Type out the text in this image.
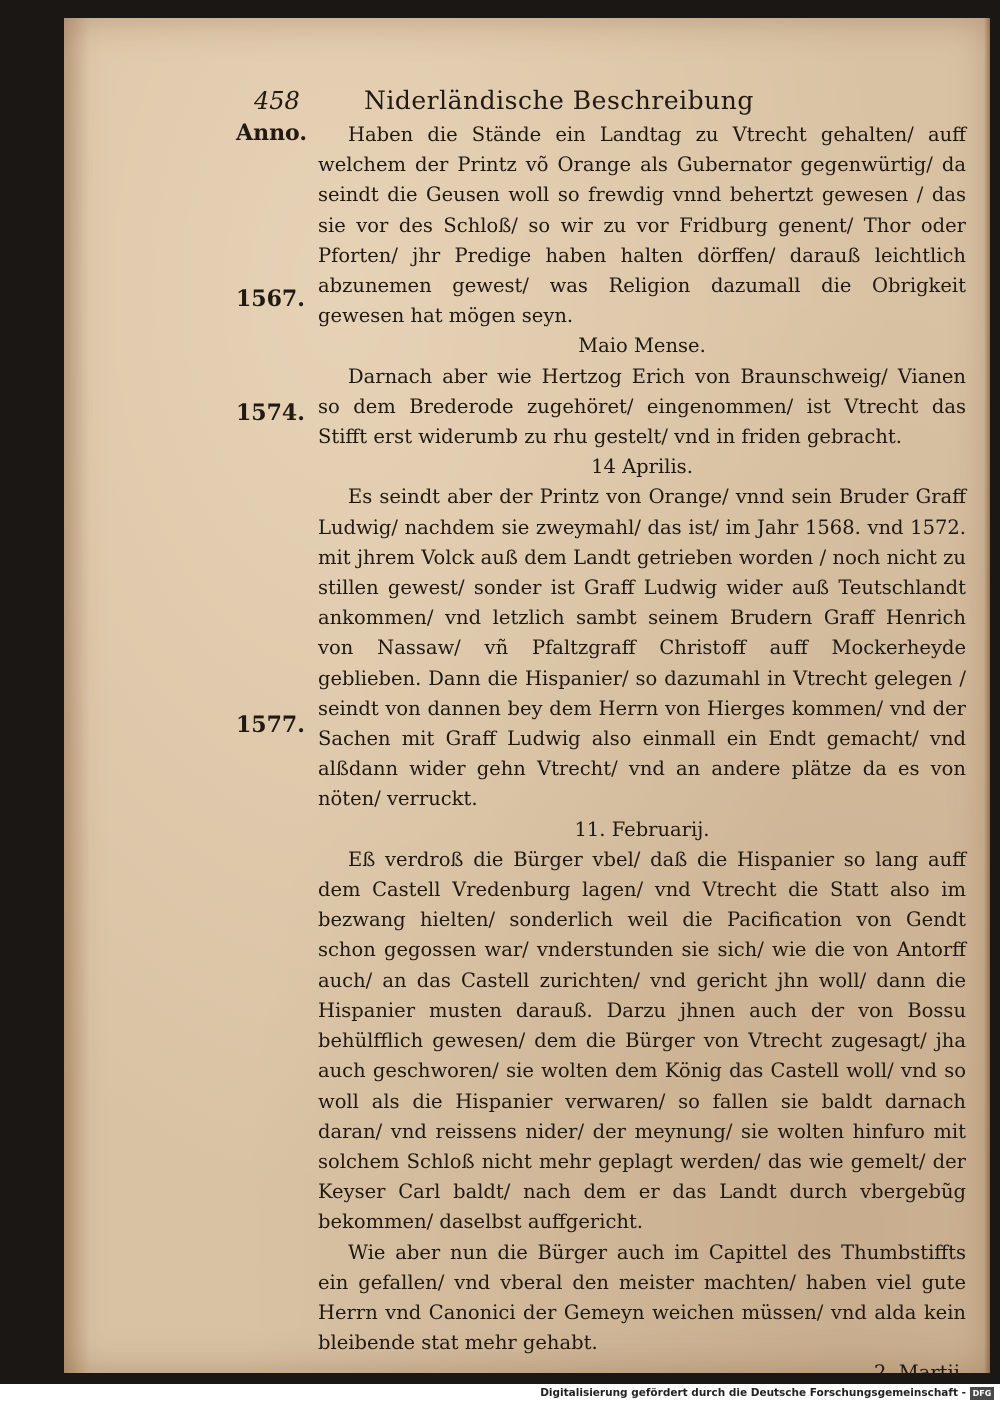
458	Niderländische Beschreibung
Anno.
1567.
1574.
1577.

Haben die Stände ein Landtag zu Vtrecht gehalten/ auff welchem der Printz võ Orange als Gubernator gegenwürtig/ da seindt die Geusen woll so frewdig vnnd behertzt gewesen / das sie vor des Schloß/ so wir zu vor Fridburg genent/ Thor oder Pforten/ jhr Predige haben halten dörffen/ darauß leichtlich abzunemen gewest/ was Religion dazumall die Obrigkeit gewesen hat mögen seyn.

Maio Mense.

Darnach aber wie Hertzog Erich von Braunschweig/ Vianen so dem Brederode zugehöret/ eingenommen/ ist Vtrecht das Stifft erst widerumb zu rhu gestelt/ vnd in friden gebracht.

14 Aprilis.

Es seindt aber der Printz von Orange/ vnnd sein Bruder Graff Ludwig/ nachdem sie zweymahl/ das ist/ im Jahr 1568. vnd 1572. mit jhrem Volck auß dem Landt getrieben worden / noch nicht zu stillen gewest/ sonder ist Graff Ludwig wider auß Teutschlandt ankommen/ vnd letzlich sambt seinem Brudern Graff Henrich von Nassaw/ vñ Pfaltzgraff Christoff auff Mockerheyde geblieben. Dann die Hispanier/ so dazumahl in Vtrecht gelegen / seindt von dannen bey dem Herrn von Hierges kommen/ vnd der Sachen mit Graff Ludwig also einmall ein Endt gemacht/ vnd alßdann wider gehn Vtrecht/ vnd an andere plätze da es von nöten/ verruckt.

11. Februarij.

Eß verdroß die Bürger vbel/ daß die Hispanier so lang auff dem Castell Vredenburg lagen/ vnd Vtrecht die Statt also im bezwang hielten/ sonderlich weil die Pacification von Gendt schon gegossen war/ vnderstunden sie sich/ wie die von Antorff auch/ an das Castell zurichten/ vnd gericht jhn woll/ dann die Hispanier musten darauß. Darzu jhnen auch der von Bossu behülfflich gewesen/ dem die Bürger von Vtrecht zugesagt/ jha auch geschworen/ sie wolten dem König das Castell woll/ vnd so woll als die Hispanier verwaren/ so fallen sie baldt darnach daran/ vnd reissens nider/ der meynung/ sie wolten hinfuro mit solchem Schloß nicht mehr geplagt werden/ das wie gemelt/ der Keyser Carl baldt/ nach dem er das Landt durch vbergebũg bekommen/ daselbst auffgericht.

Wie aber nun die Bürger auch im Capittel des Thumbstiffts ein gefallen/ vnd vberal den meister machten/ haben viel gute Herrn vnd Canonici der Gemeyn weichen müssen/ vnd alda kein bleibende stat mehr gehabt.

2. Martij.

Digitalisierung gefördert durch die Deutsche Forschungsgemeinschaft - DFG
